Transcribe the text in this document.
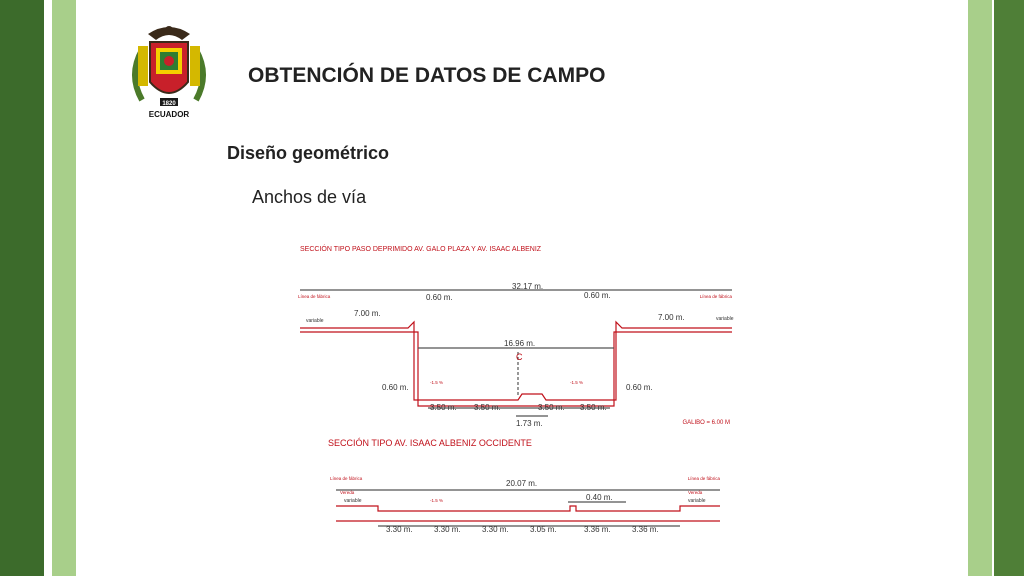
1820
ECUADOR
OBTENCIÓN DE DATOS DE CAMPO
Diseño geométrico
Anchos de vía
SECCIÓN TIPO PASO DEPRIMIDO AV. GALO PLAZA Y AV. ISAAC ALBENIZ
GALIBO = 6.00 M
Línea de fábrica	Línea de fábrica
-1.5 %	-1.5 %
C
32.17 m.
16.96 m.
0.60 m.	0.60 m.
0.60 m.	0.60 m.
7.00 m.	7.00 m.
variable	variable
3.50 m. 3.50 m.	3.50 m. 3.50 m.
1.73 m.
SECCIÓN TIPO AV. ISAAC ALBENIZ OCCIDENTE
Línea de fábrica	Línea de fábrica
Vereda	Vereda
-1.5 %
20.07 m.
0.40 m.
variable	variable
3.30 m.	3.30 m.	3.30 m.	3.05 m.	3.36 m.	3.36 m.
